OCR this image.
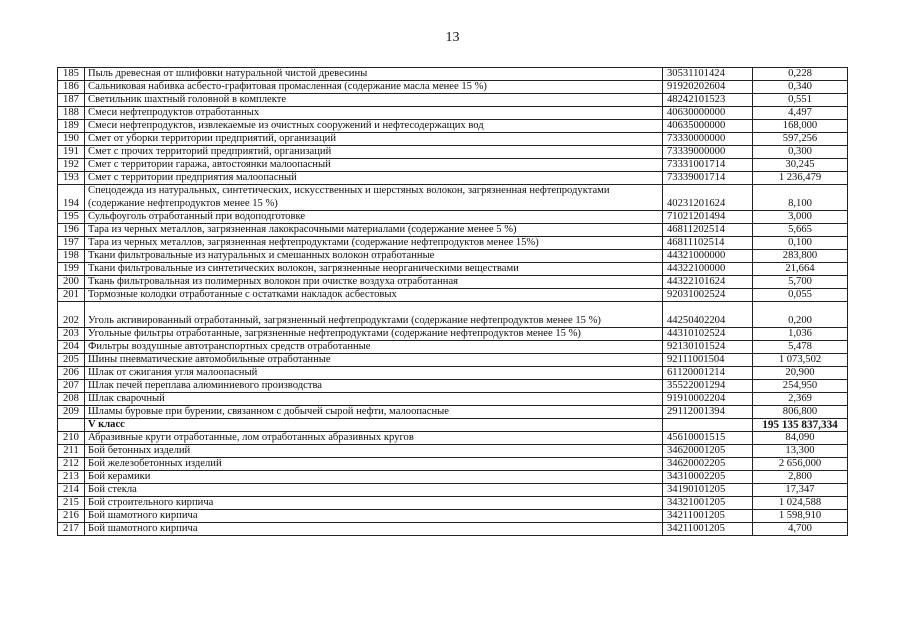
13
185	Пыль древесная от шлифовки натуральной чистой древесины	30531101424	0,228
186	Сальниковая набивка асбесто-графитовая промасленная (содержание масла менее 15 %)	91920202604	0,340
187	Светильник шахтный головной в комплекте	48242101523	0,551
188	Смеси нефтепродуктов отработанных	40630000000	4,497
189	Смеси нефтепродуктов, извлекаемые из очистных сооружений и нефтесодержащих вод	40635000000	168,000
190	Смет от уборки территории предприятий, организаций	73330000000	597,256
191	Смет с прочих территорий предприятий, организаций	73339000000	0,300
192	Смет с территории гаража, автостоянки малоопасный	73331001714	30,245
193	Смет с территории предприятия малоопасный	73339001714	1 236,479
194	Спецодежда из натуральных, синтетических, искусственных и шерстяных волокон, загрязненная нефтепродуктами (содержание нефтепродуктов менее 15 %)	40231201624	8,100
195	Сульфоуголь отработанный при водоподготовке	71021201494	3,000
196	Тара из черных металлов, загрязненная лакокрасочными материалами (содержание менее 5 %)	46811202514	5,665
197	Тара из черных металлов, загрязненная нефтепродуктами (содержание нефтепродуктов менее 15%)	46811102514	0,100
198	Ткани фильтровальные из натуральных и смешанных волокон отработанные	44321000000	283,800
199	Ткани фильтровальные из синтетических волокон, загрязненные неорганическими веществами	44322100000	21,664
200	Ткань фильтровальная из полимерных волокон при очистке воздуха отработанная	44322101624	5,700
201	Тормозные колодки отработанные с остатками накладок асбестовых	92031002524	0,055
202	Уголь активированный отработанный, загрязненный нефтепродуктами (содержание нефтепродуктов менее 15 %)	44250402204	0,200
203	Угольные фильтры отработанные, загрязненные нефтепродуктами (содержание нефтепродуктов менее 15 %)	44310102524	1,036
204	Фильтры воздушные автотранспортных средств отработанные	92130101524	5,478
205	Шины пневматические автомобильные отработанные	92111001504	1 073,502
206	Шлак от сжигания угля малоопасный	61120001214	20,900
207	Шлак печей переплава алюминиевого производства	35522001294	254,950
208	Шлак сварочный	91910002204	2,369
209	Шламы буровые при бурении, связанном с добычей сырой нефти, малоопасные	29112001394	806,800
	V класс		195 135 837,334
210	Абразивные круги отработанные, лом отработанных абразивных кругов	45610001515	84,090
211	Бой бетонных изделий	34620001205	13,300
212	Бой железобетонных изделий	34620002205	2 656,000
213	Бой керамики	34310002205	2,800
214	Бой стекла	34190101205	17,347
215	Бой строительного кирпича	34321001205	1 024,588
216	Бой шамотного кирпича	34211001205	1 598,910
217	Бой шамотного кирпича	34211001205	4,700
